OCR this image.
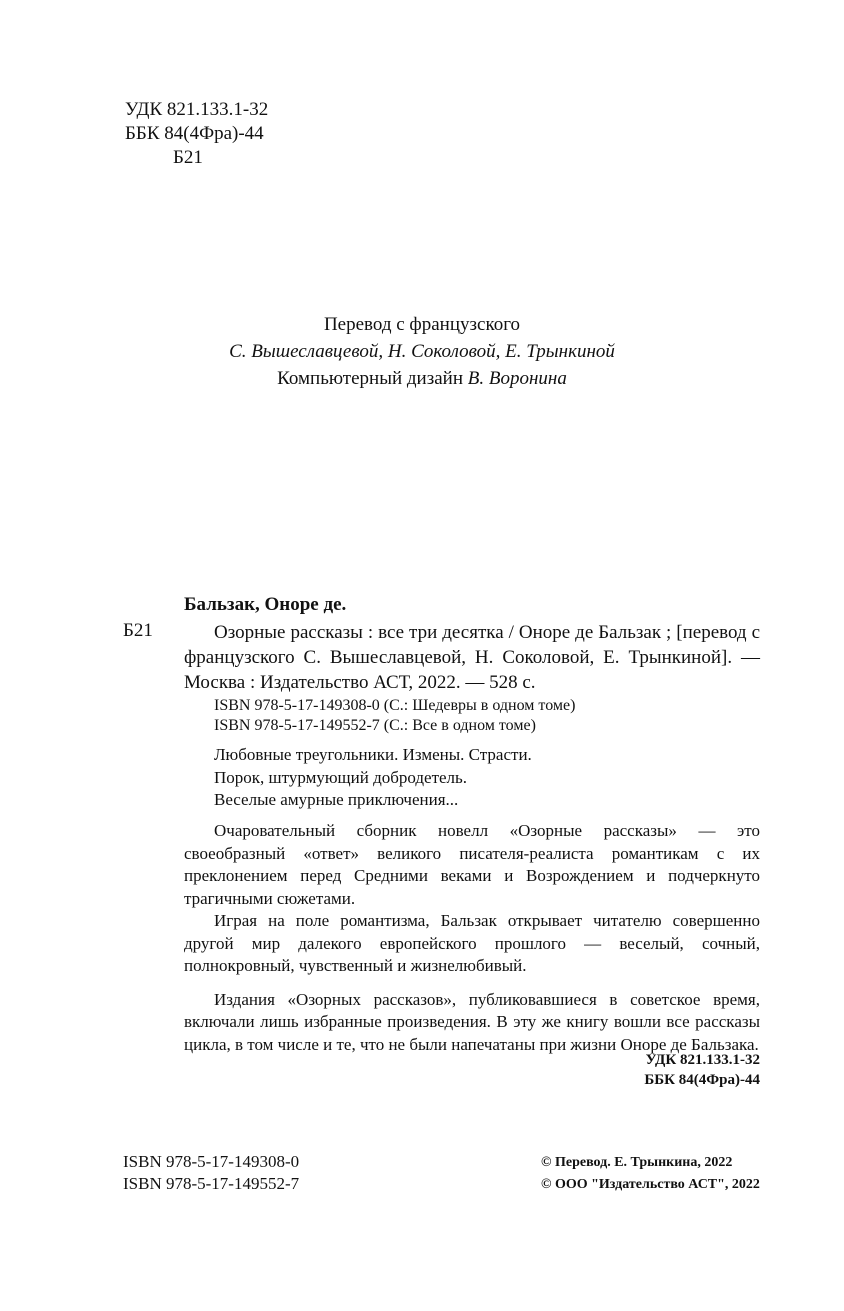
УДК 821.133.1-32
ББК 84(4Фра)-44
Б21
Перевод с французского
С. Вышеславцевой, Н. Соколовой, Е. Трынкиной
Компьютерный дизайн В. Воронина
Бальзак, Оноре де.
Б21	Озорные рассказы : все три десятка / Оноре де Бальзак ; [перевод с французского С. Вышеславцевой, Н. Соколовой, Е. Трынкиной]. — Москва : Издательство АСТ, 2022. — 528 с.
ISBN 978-5-17-149308-0 (С.: Шедевры в одном томе)
ISBN 978-5-17-149552-7 (С.: Все в одном томе)
Любовные треугольники. Измены. Страсти.
Порок, штурмующий добродетель.
Веселые амурные приключения...

Очаровательный сборник новелл «Озорные рассказы» — это своеобразный «ответ» великого писателя-реалиста романтикам с их преклонением перед Средними веками и Возрождением и подчеркнуто трагичными сюжетами.

Играя на поле романтизма, Бальзак открывает читателю совершенно другой мир далекого европейского прошлого — веселый, сочный, полнокровный, чувственный и жизнелюбивый.

Издания «Озорных рассказов», публиковавшиеся в советское время, включали лишь избранные произведения. В эту же книгу вошли все рассказы цикла, в том числе и те, что не были напечатаны при жизни Оноре де Бальзака.

УДК 821.133.1-32
ББК 84(4Фра)-44
ISBN 978-5-17-149308-0
ISBN 978-5-17-149552-7
© Перевод. Е. Трынкина, 2022
© ООО "Издательство АСТ", 2022
